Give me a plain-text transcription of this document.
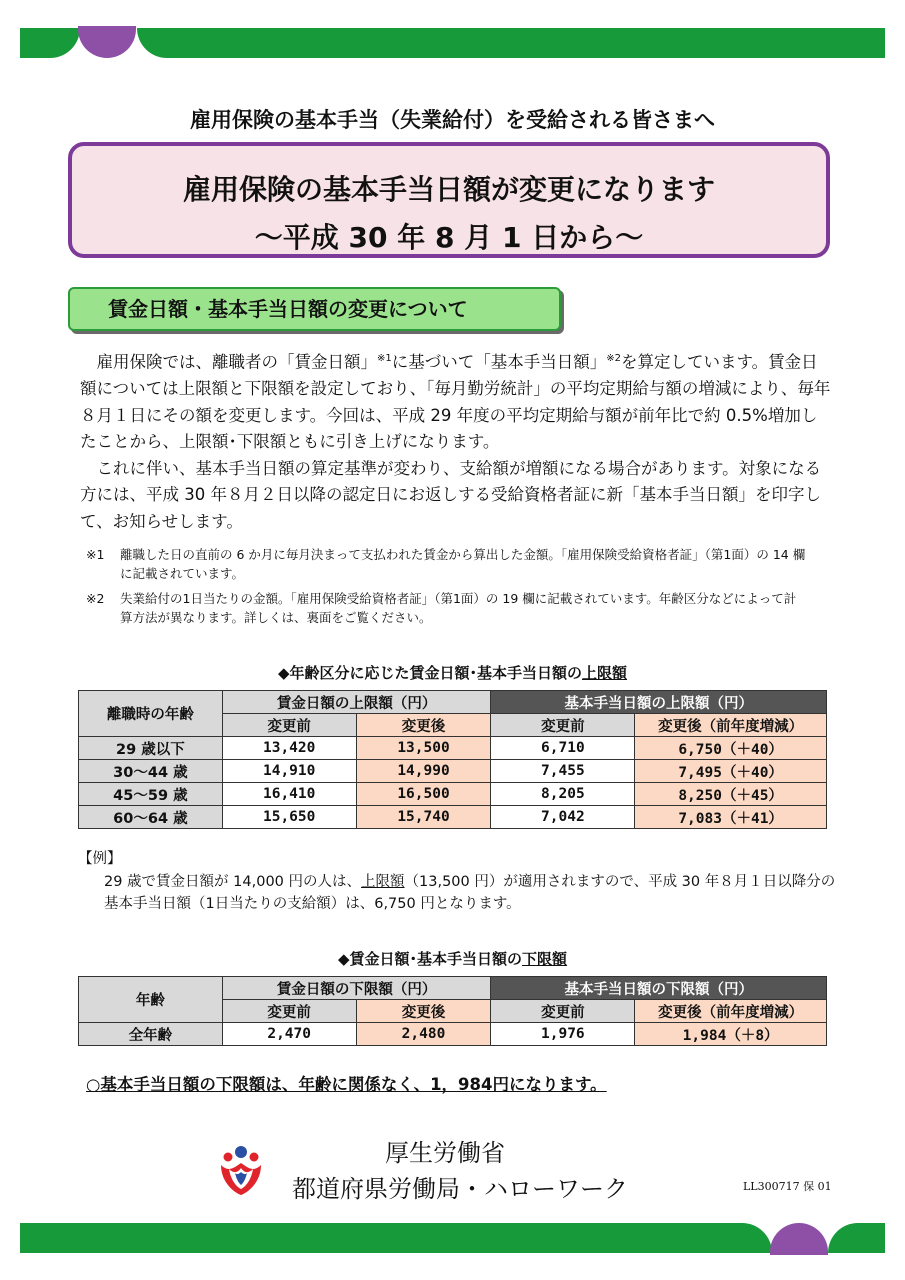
雇用保険の基本手当（失業給付）を受給される皆さまへ
雇用保険の基本手当日額が変更になります
～平成 30 年 8 月 1 日から～
賃金日額・基本手当日額の変更について

　雇用保険では、離職者の「賃金日額」$^{※1}$に基づいて「基本手当日額」$^{※2}$を算定しています。賃金日額については上限額と下限額を設定しており、「毎月勤労統計」の平均定期給与額の増減により、毎年８月１日にその額を変更します。今回は、平成 29 年度の平均定期給与額が前年比で約 0.5%増加したことから、上限額･下限額ともに引き上げになります。

　これに伴い、基本手当日額の算定基準が変わり、支給額が増額になる場合があります。対象になる方には、平成 30 年８月２日以降の認定日にお返しする受給資格者証に新「基本手当日額」を印字して、お知らせします。

※1	離職した日の直前の 6 か月に毎月決まって支払われた賃金から算出した金額。「雇用保険受給資格者証」（第1面）の 14 欄に記載されています。
※2	失業給付の1日当たりの金額。「雇用保険受給資格者証」（第1面）の 19 欄に記載されています。年齢区分などによって計算方法が異なります。詳しくは、裏面をご覧ください。
◆年齢区分に応じた賃金日額･基本手当日額の上限額
離職時の年齢	賃金日額の上限額（円）		基本手当日額の上限額（円）	
	変更前	変更後	変更前	変更後（前年度増減）
29 歳以下	13,420	13,500	6,710	6,750（＋40）
30～44 歳	14,910	14,990	7,455	7,495（＋40）
45～59 歳	16,410	16,500	8,205	8,250（＋45）
60～64 歳	15,650	15,740	7,042	7,083（＋41）
【例】
29 歳で賃金日額が 14,000 円の人は、上限額（13,500 円）が適用されますので、平成 30 年８月１日以降分の基本手当日額（1日当たりの支給額）は、6,750 円となります。
◆賃金日額･基本手当日額の下限額
年齢	賃金日額の下限額（円）		基本手当日額の下限額（円）	
	変更前	変更後	変更前	変更後（前年度増減）
全年齢	2,470	2,480	1,976	1,984（＋8）
○基本手当日額の下限額は、年齢に関係なく、1，984円になります。
厚生労働省
都道府県労働局・ハローワーク	LL300717 保 01
